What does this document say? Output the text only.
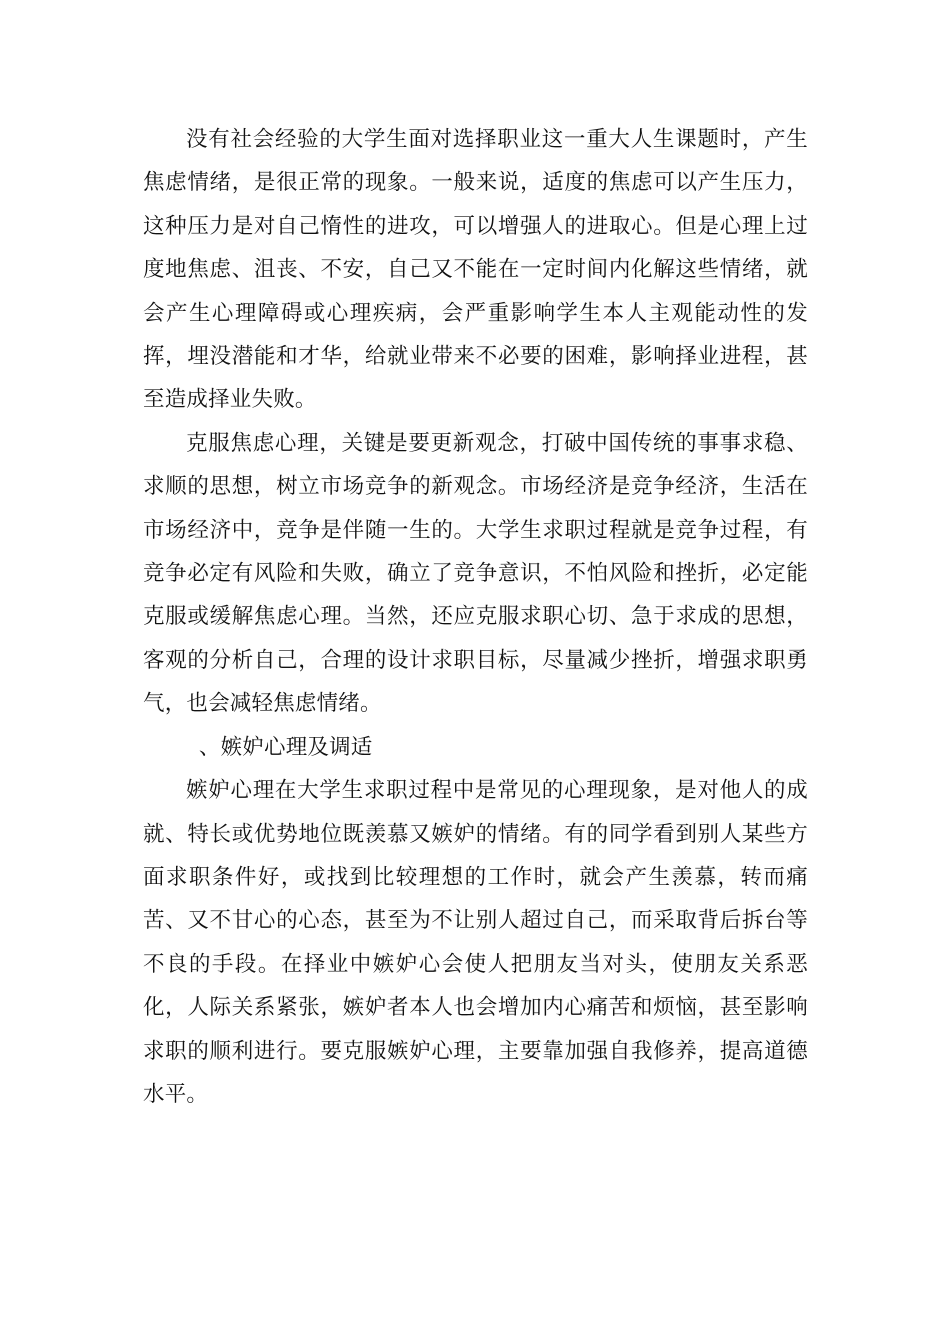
没有社会经验的大学生面对选择职业这一重大人生课题时，产生焦虑情绪，是很正常的现象。一般来说，适度的焦虑可以产生压力，这种压力是对自己惰性的进攻，可以增强人的进取心。但是心理上过度地焦虑、沮丧、不安，自己又不能在一定时间内化解这些情绪，就会产生心理障碍或心理疾病，会严重影响学生本人主观能动性的发挥，埋没潜能和才华，给就业带来不必要的困难，影响择业进程，甚至造成择业失败。

克服焦虑心理，关键是要更新观念，打破中国传统的事事求稳、求顺的思想，树立市场竞争的新观念。市场经济是竞争经济，生活在市场经济中，竞争是伴随一生的。大学生求职过程就是竞争过程，有竞争必定有风险和失败，确立了竞争意识，不怕风险和挫折，必定能克服或缓解焦虑心理。当然，还应克服求职心切、急于求成的思想，客观的分析自己，合理的设计求职目标，尽量减少挫折，增强求职勇气，也会减轻焦虑情绪。

、嫉妒心理及调适

嫉妒心理在大学生求职过程中是常见的心理现象，是对他人的成就、特长或优势地位既羡慕又嫉妒的情绪。有的同学看到别人某些方面求职条件好，或找到比较理想的工作时，就会产生羡慕，转而痛苦、又不甘心的心态，甚至为不让别人超过自己，而采取背后拆台等不良的手段。在择业中嫉妒心会使人把朋友当对头，使朋友关系恶化，人际关系紧张，嫉妒者本人也会增加内心痛苦和烦恼，甚至影响求职的顺利进行。要克服嫉妒心理，主要靠加强自我修养，提高道德水平。
